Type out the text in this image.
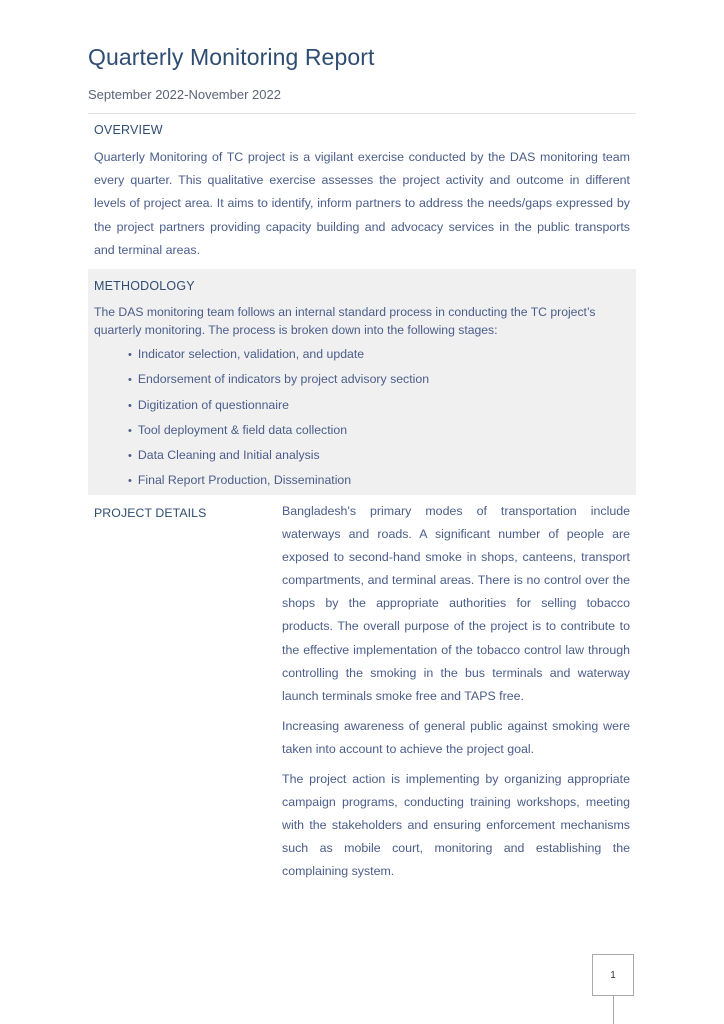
Quarterly Monitoring Report
September 2022-November 2022
OVERVIEW
Quarterly Monitoring of TC project is a vigilant exercise conducted by the DAS monitoring team every quarter. This qualitative exercise assesses the project activity and outcome in different levels of project area. It aims to identify, inform partners to address the needs/gaps expressed by the project partners providing capacity building and advocacy services in the public transports and terminal areas.
METHODOLOGY
The DAS monitoring team follows an internal standard process in conducting the TC project’s quarterly monitoring. The process is broken down into the following stages:
• Indicator selection, validation, and update
• Endorsement of indicators by project advisory section
• Digitization of questionnaire
• Tool deployment & field data collection
• Data Cleaning and Initial analysis
• Final Report Production, Dissemination
PROJECT DETAILS	Bangladesh's primary modes of transportation include waterways and roads. A significant number of people are exposed to second-hand smoke in shops, canteens, transport compartments, and terminal areas. There is no control over the shops by the appropriate authorities for selling tobacco products. The overall purpose of the project is to contribute to the effective implementation of the tobacco control law through controlling the smoking in the bus terminals and waterway launch terminals smoke free and TAPS free.

Increasing awareness of general public against smoking were taken into account to achieve the project goal.

The project action is implementing by organizing appropriate campaign programs, conducting training workshops, meeting with the stakeholders and ensuring enforcement mechanisms such as mobile court, monitoring and establishing the complaining system.

1
